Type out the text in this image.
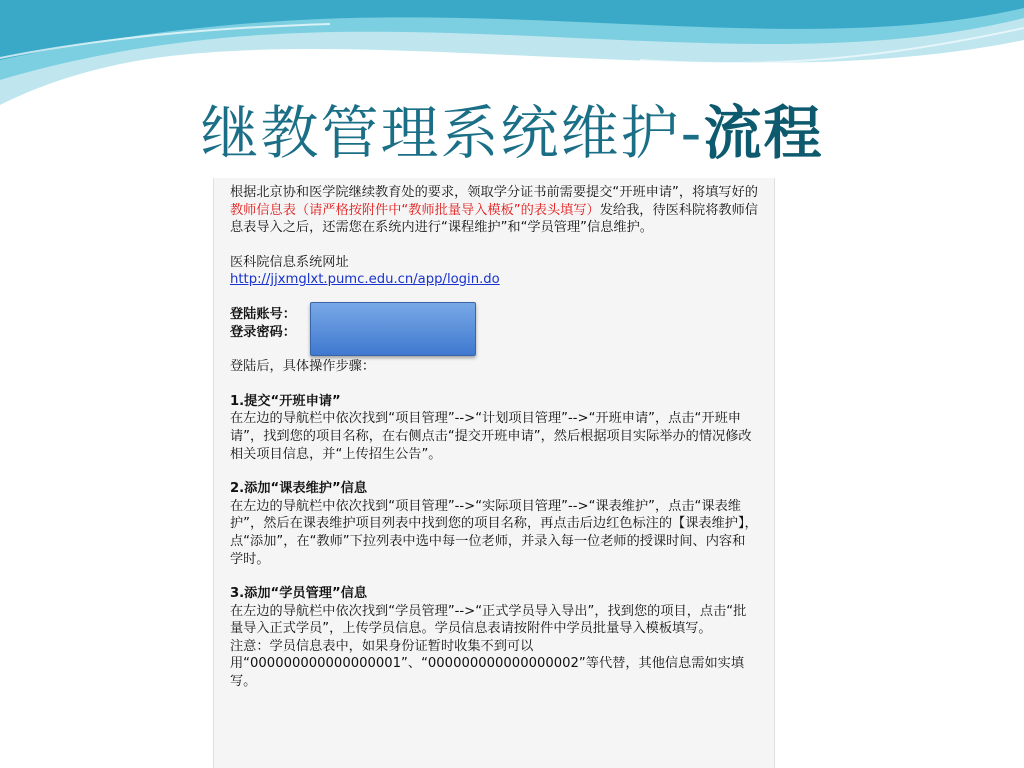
继教管理系统维护-流程

根据北京协和医学院继续教育处的要求，领取学分证书前需要提交“开班申请”，将填写好的教师信息表（请严格按附件中“教师批量导入模板”的表头填写）发给我，待医科院将教师信息表导入之后，还需您在系统内进行“课程维护”和“学员管理”信息维护。

医科院信息系统网址

http://jjxmglxt.pumc.edu.cn/app/login.do

登陆账号：

登录密码：

登陆后，具体操作步骤：

1.提交“开班申请”

在左边的导航栏中依次找到“项目管理”-->“计划项目管理”-->“开班申请”，点击“开班申请”，找到您的项目名称，在右侧点击“提交开班申请”，然后根据项目实际举办的情况修改相关项目信息，并“上传招生公告”。

2.添加“课表维护”信息

在左边的导航栏中依次找到“项目管理”-->“实际项目管理”-->“课表维护”，点击“课表维护”，然后在课表维护项目列表中找到您的项目名称，再点击后边红色标注的【课表维护】，点“添加”，在“教师”下拉列表中选中每一位老师，并录入每一位老师的授课时间、内容和学时。

3.添加“学员管理”信息

在左边的导航栏中依次找到“学员管理”-->“正式学员导入导出”，找到您的项目，点击“批量导入正式学员”，上传学员信息。学员信息表请按附件中学员批量导入模板填写。

注意：学员信息表中，如果身份证暂时收集不到可以用“000000000000000001”、“000000000000000002”等代替，其他信息需如实填写。
